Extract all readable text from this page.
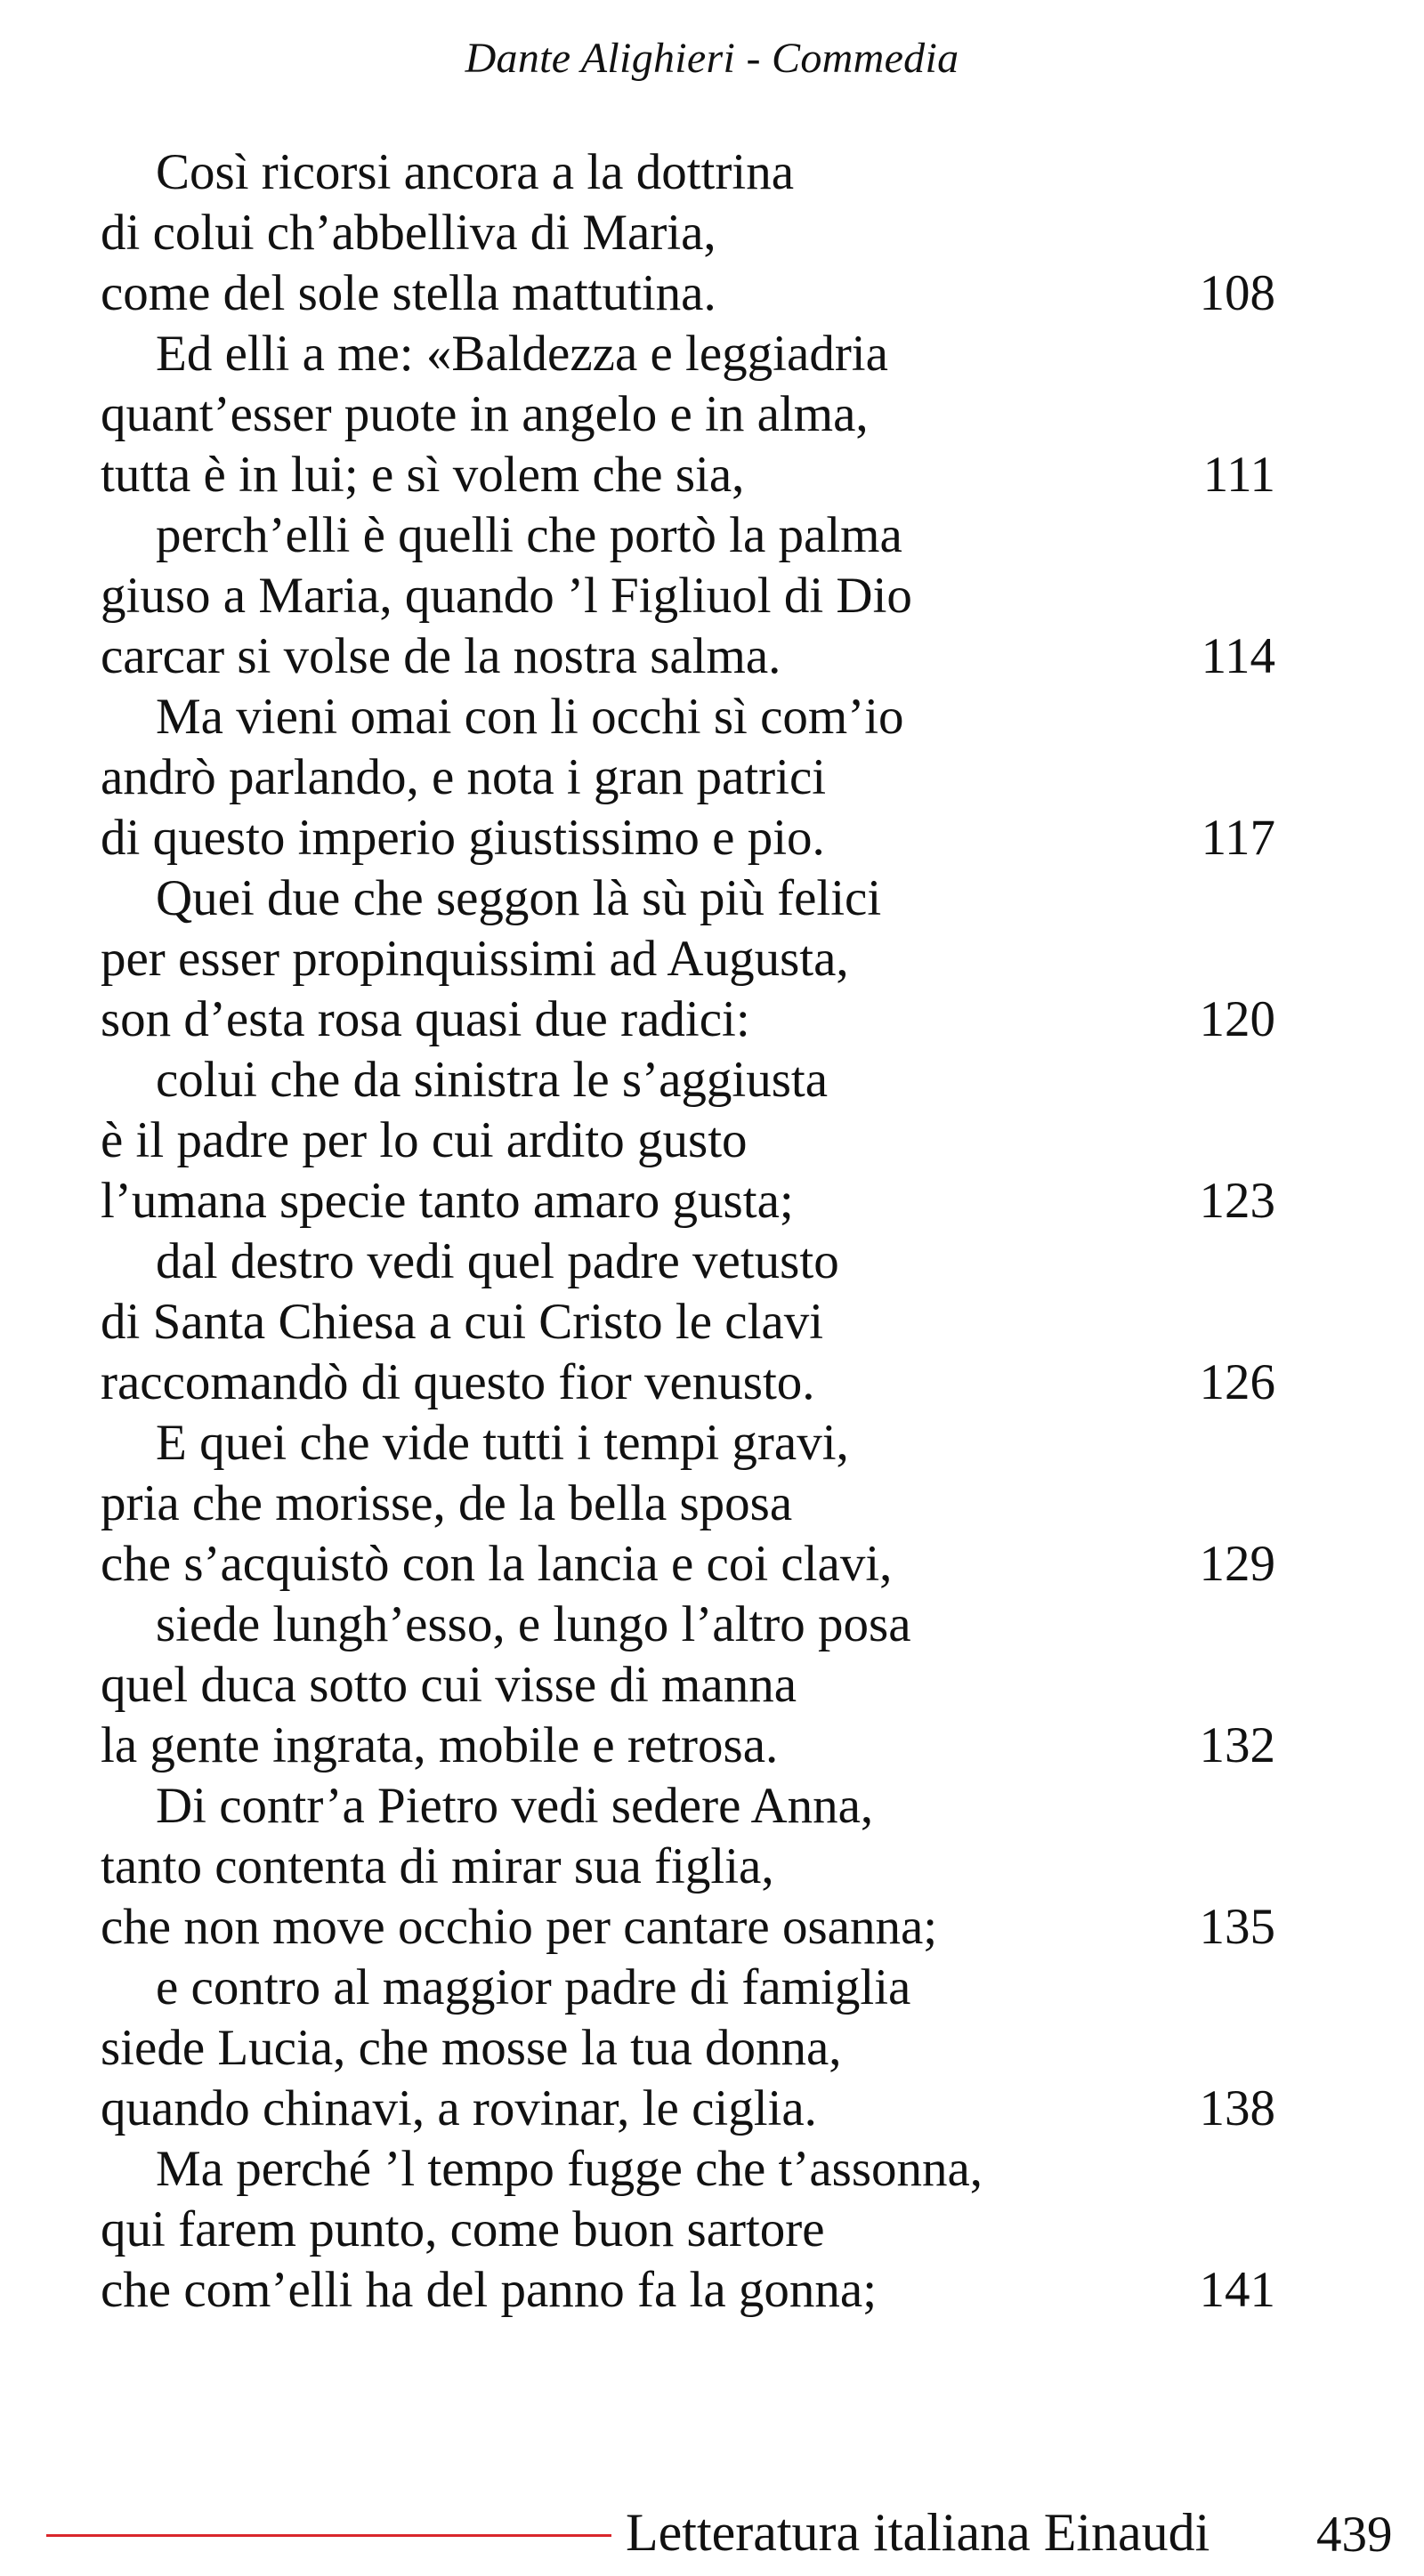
Dante Alighieri - Commedia
Così ricorsi ancora a la dottrina
di colui ch’abbelliva di Maria,
come del sole stella mattutina.	108
Ed elli a me: «Baldezza e leggiadria
quant’esser puote in angelo e in alma,
tutta è in lui; e sì volem che sia,	111
perch’elli è quelli che portò la palma
giuso a Maria, quando ’l Figliuol di Dio
carcar si volse de la nostra salma.	114
Ma vieni omai con li occhi sì com’io
andrò parlando, e nota i gran patrici
di questo imperio giustissimo e pio.	117
Quei due che seggon là sù più felici
per esser propinquissimi ad Augusta,
son d’esta rosa quasi due radici:	120
colui che da sinistra le s’aggiusta
è il padre per lo cui ardito gusto
l’umana specie tanto amaro gusta;	123
dal destro vedi quel padre vetusto
di Santa Chiesa a cui Cristo le clavi
raccomandò di questo fior venusto.	126
E quei che vide tutti i tempi gravi,
pria che morisse, de la bella sposa
che s’acquistò con la lancia e coi clavi,	129
siede lungh’esso, e lungo l’altro posa
quel duca sotto cui visse di manna
la gente ingrata, mobile e retrosa.	132
Di contr’a Pietro vedi sedere Anna,
tanto contenta di mirar sua figlia,
che non move occhio per cantare osanna;	135
e contro al maggior padre di famiglia
siede Lucia, che mosse la tua donna,
quando chinavi, a rovinar, le ciglia.	138
Ma perché ’l tempo fugge che t’assonna,
qui farem punto, come buon sartore
che com’elli ha del panno fa la gonna;	141
Letteratura italiana Einaudi 439
